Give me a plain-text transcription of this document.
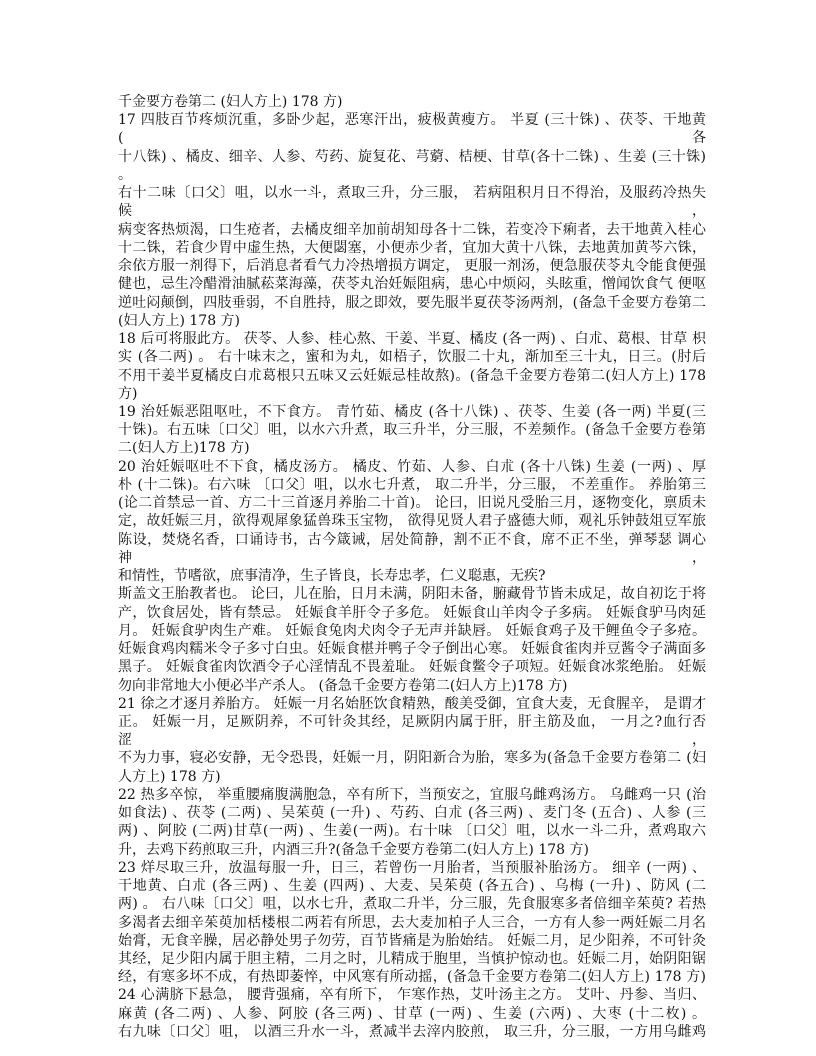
千金要方卷第二 (妇人方上) 178 方)
17 四肢百节疼烦沉重，多卧少起，恶寒汗出，疲极黄瘦方。 半夏 (三十铢) 、茯苓、干地黄 (各
十八铢) 、橘皮、细辛、人参、芍药、旋复花、芎藭、桔梗、甘草(各十二铢) 、生姜 (三十铢) 。
右十二味〔口父〕咀，以水一斗，煮取三升，分三服， 若病阻积月日不得治，及服药冷热失候，
病变客热烦渴，口生疮者，去橘皮细辛加前胡知母各十二铢，若变冷下痢者，去干地黄入桂心
十二铢，若食少胃中虚生热，大便閟塞，小便赤少者，宜加大黄十八铢，去地黄加黄芩六铢，
余依方服一剂得下，后消息者看气力冷热增损方调定， 更服一剂汤，便急服茯苓丸令能食便强
健也，忌生冷醋滑油腻菘菜海藻，茯苓丸治妊娠阻病，患心中烦闷，头眩重，憎闻饮食气 便呕
逆吐闷颠倒，四肢垂弱，不自胜持，服之即效，要先服半夏茯苓汤两剂，(备急千金要方卷第二
(妇人方上) 178 方)
18 后可将服此方。 茯苓、人参、桂心熬、干姜、半夏、橘皮 (各一两) 、白朮、葛根、甘草 枳
实 (各二两) 。 右十味末之，蜜和为丸，如梧子，饮服二十丸，渐加至三十丸，日三。(肘后
不用干姜半夏橘皮白朮葛根只五味又云妊娠忌桂故熬)。(备急千金要方卷第二(妇人方上) 178
方)
19 治妊娠恶阻呕吐，不下食方。 青竹茹、橘皮 (各十八铢) 、茯苓、生姜 (各一两) 半夏(三
十铢)。右五味〔口父〕咀，以水六升煮，取三升半，分三服，不差频作。(备急千金要方卷第
二(妇人方上)178 方)
20 治妊娠呕吐不下食，橘皮汤方。 橘皮、竹茹、人参、白朮 (各十八铢) 生姜 (一两) 、厚
朴 (十二铢)。右六味 〔口父〕咀，以水七升煮， 取二升半，分三服， 不差重作。 养胎第三
(论二首禁忌一首、方二十三首逐月养胎二十首)。 论曰，旧说凡受胎三月，逐物变化，禀质未
定，故妊娠三月，欲得观犀象猛兽珠玉宝物， 欲得见贤人君子盛德大师，观礼乐钟鼓俎豆军旅
陈设，焚烧名香，口诵诗书，古今箴诫，居处简静，割不正不食，席不正不坐，弹琴瑟 调心神，
和情性，节嗜欲，庶事清净，生子皆良，长寿忠孝，仁义聪惠，无疾?
斯盖文王胎教者也。 论曰，儿在胎，日月未满，阴阳未备，腑藏骨节皆未成足，故自初讫于将
产，饮食居处，皆有禁忌。 妊娠食羊肝令子多危。 妊娠食山羊肉令子多病。 妊娠食驴马肉延
月。 妊娠食驴肉生产难。 妊娠食兔肉犬肉令子无声并缺唇。 妊娠食鸡子及干鲤鱼令子多疮。
妊娠食鸡肉糯米令子多寸白虫。妊娠食椹并鸭子令子倒出心寒。 妊娠食雀肉并豆酱令子满面多
黑子。 妊娠食雀肉饮酒令子心淫情乱不畏羞耻。 妊娠食鳖令子项短。妊娠食冰浆绝胎。 妊娠
勿向非常地大小便必半产杀人。 (备急千金要方卷第二(妇人方上)178 方)
21 徐之才逐月养胎方。 妊娠一月名始胚饮食精熟，酸美受御，宜食大麦，无食腥辛， 是谓才
正。 妊娠一月，足厥阴养，不可针灸其经，足厥阴内属于肝，肝主筋及血， 一月之?血行否涩，
不为力事，寝必安静，无令恐畏，妊娠一月，阴阳新合为胎，寒多为(备急千金要方卷第二 (妇
人方上) 178 方)
22 热多卒惊， 举重腰痛腹满胞急，卒有所下，当预安之，宜服乌雌鸡汤方。 乌雌鸡一只 (治
如食法) 、茯苓 (二两) 、吴茱萸 (一升) 、芍药、白朮 (各三两) 、麦门冬 (五合) 、人参 (三
两) 、阿胶 (二两)甘草(一两) 、生姜(一两)。右十味 〔口父〕咀，以水一斗二升，煮鸡取六
升，去鸡下药煎取三升，内酒三升?(备急千金要方卷第二(妇人方上) 178 方)
23 烊尽取三升，放温每服一升，日三，若曾伤一月胎者，当预服补胎汤方。 细辛 (一两) 、
干地黄、白朮 (各三两) 、生姜 (四两) 、大麦、吴茱萸 (各五合) 、乌梅 (一升) 、防风 (二
两) 。 右八味〔口父〕咀，以水七升，煮取二升半，分三服，先食服寒多者倍细辛茱萸? 若热
多渴者去细辛茱萸加栝楼根二两若有所思，去大麦加柏子人三合，一方有人参一两妊娠二月名
始膏，无食辛臊，居必静处男子勿劳，百节皆痛是为胎始结。 妊娠二月，足少阳养，不可针灸
其经，足少阳内属于胆主精，二月之时，儿精成于胞里，当慎护惊动也。妊娠二月，始阴阳锯
经，有寒多坏不成，有热即萎悴，中风寒有所动摇，(备急千金要方卷第二(妇人方上) 178 方)
24 心满脐下悬急， 腰背强痛，卒有所下， 乍寒作热，艾叶汤主之方。 艾叶、丹参、当归、
麻黄 (各二两) 、人参、阿胶 (各三两) 、甘草 (一两) 、生姜 (六两) 、大枣 (十二枚) 。
右九味〔口父〕咀， 以酒三升水一斗，煮减半去滓内胶煎， 取三升，分三服，一方用乌雌鸡
